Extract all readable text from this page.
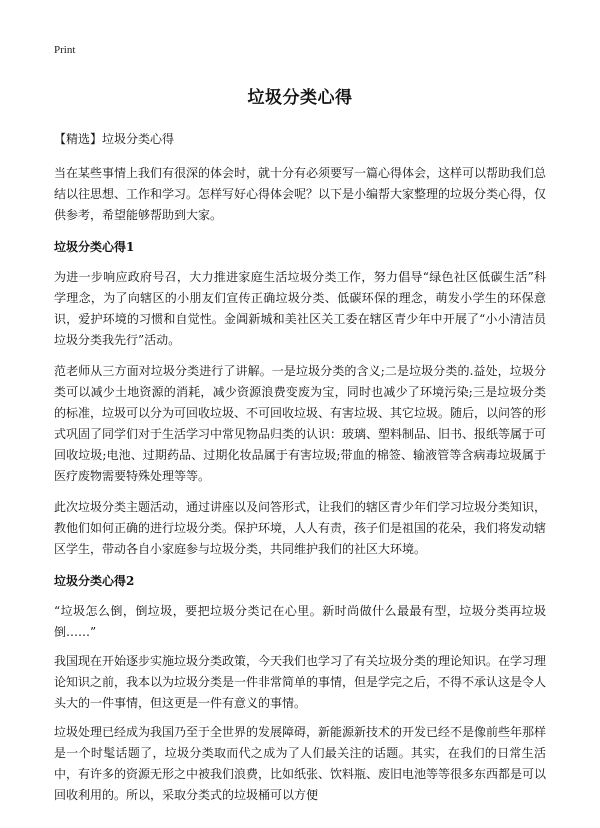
Print
垃圾分类心得

【精选】垃圾分类心得

当在某些事情上我们有很深的体会时，就十分有必须要写一篇心得体会，这样可以帮助我们总结以往思想、工作和学习。怎样写好心得体会呢？以下是小编帮大家整理的垃圾分类心得，仅供参考，希望能够帮助到大家。

垃圾分类心得1

为进一步响应政府号召，大力推进家庭生活垃圾分类工作，努力倡导“绿色社区低碳生活”科学理念，为了向辖区的小朋友们宣传正确垃圾分类、低碳环保的理念，萌发小学生的环保意识，爱护环境的习惯和自觉性。金阊新城和美社区关工委在辖区青少年中开展了“小小清洁员垃圾分类我先行”活动。

范老师从三方面对垃圾分类进行了讲解。一是垃圾分类的含义;二是垃圾分类的.益处，垃圾分类可以减少土地资源的消耗，减少资源浪费变废为宝，同时也减少了环境污染;三是垃圾分类的标准，垃圾可以分为可回收垃圾、不可回收垃圾、有害垃圾、其它垃圾。随后，以问答的形式巩固了同学们对于生活学习中常见物品归类的认识：玻璃、塑料制品、旧书、报纸等属于可回收垃圾;电池、过期药品、过期化妆品属于有害垃圾;带血的棉签、输液管等含病毒垃圾属于医疗废物需要特殊处理等等。

此次垃圾分类主题活动，通过讲座以及问答形式，让我们的辖区青少年们学习垃圾分类知识，教他们如何正确的进行垃圾分类。保护环境，人人有责，孩子们是祖国的花朵，我们将发动辖区学生，带动各自小家庭参与垃圾分类，共同维护我们的社区大环境。

垃圾分类心得2

“垃圾怎么倒，倒垃圾，要把垃圾分类记在心里。新时尚做什么最最有型，垃圾分类再垃圾倒……”

我国现在开始逐步实施垃圾分类政策，今天我们也学习了有关垃圾分类的理论知识。在学习理论知识之前，我本以为垃圾分类是一件非常简单的事情，但是学完之后，不得不承认这是令人头大的一件事情，但这更是一件有意义的事情。

垃圾处理已经成为我国乃至于全世界的发展障碍，新能源新技术的开发已经不是像前些年那样是一个时髦话题了，垃圾分类取而代之成为了人们最关注的话题。其实，在我们的日常生活中，有许多的资源无形之中被我们浪费，比如纸张、饮料瓶、废旧电池等等很多东西都是可以回收利用的。所以，采取分类式的垃圾桶可以方便
